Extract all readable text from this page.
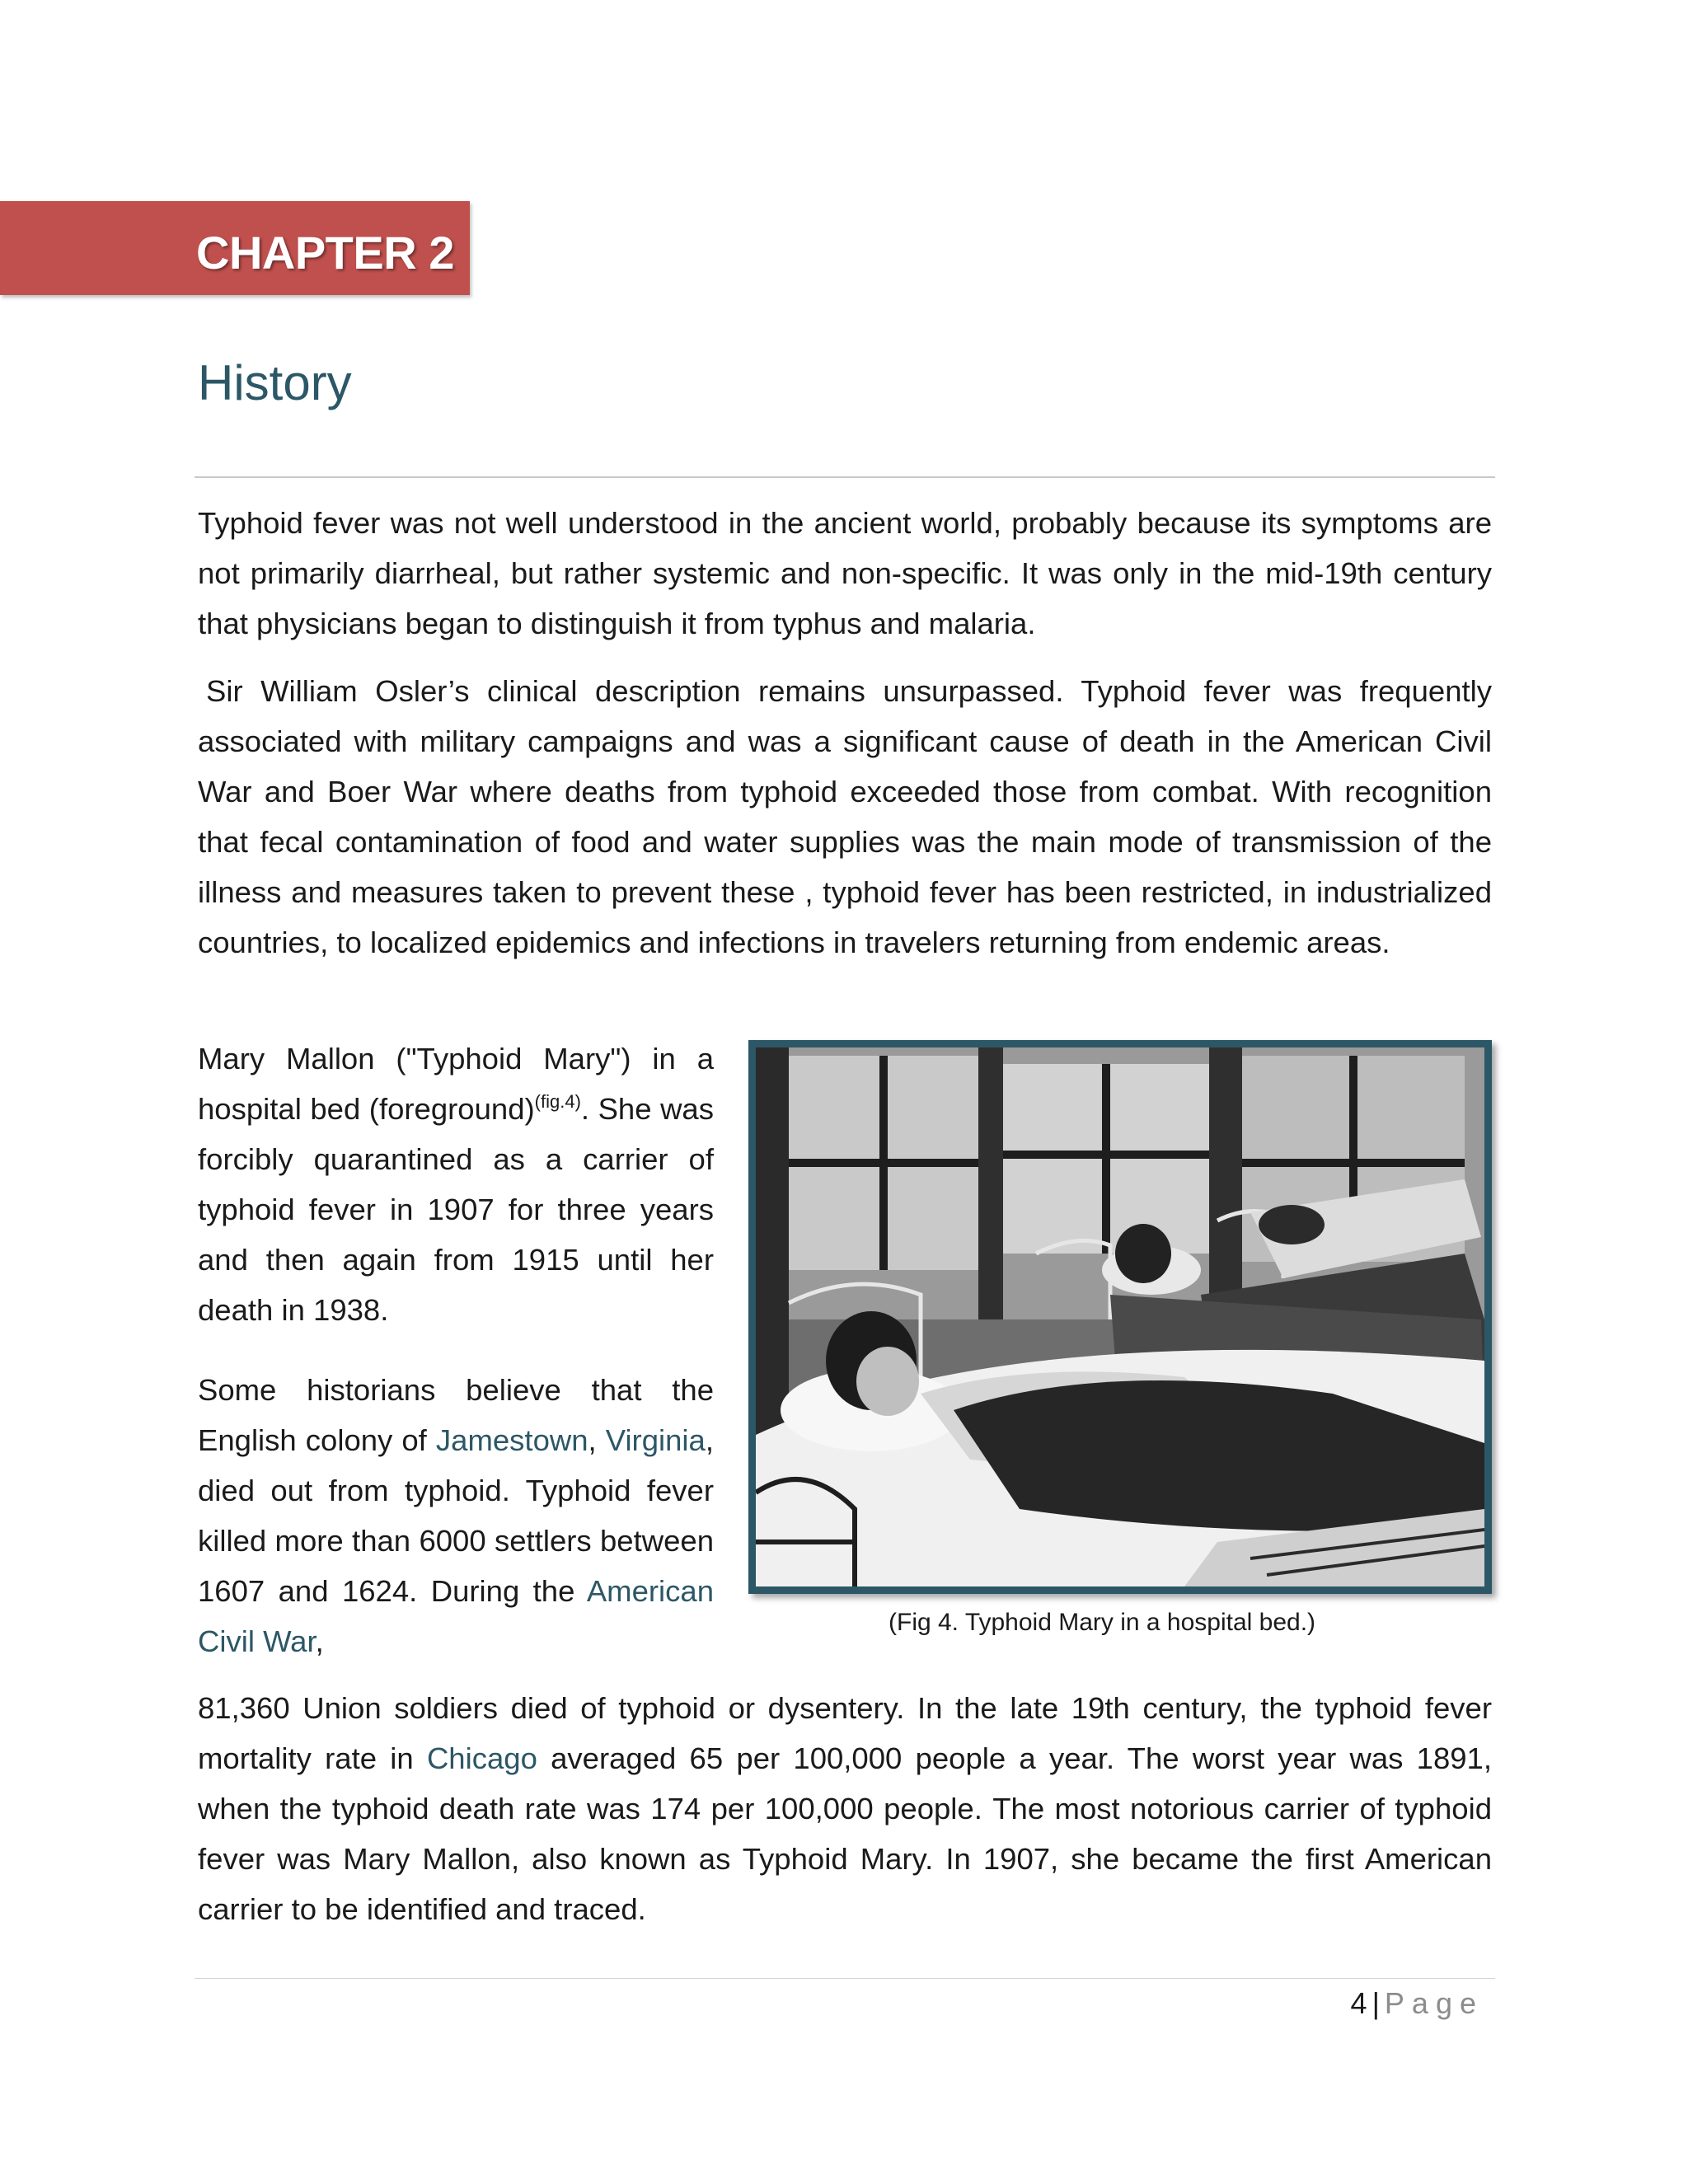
CHAPTER 2
History

Typhoid fever was not well understood in the ancient world, probably because its symptoms are not primarily diarrheal, but rather systemic and non-specific. It was only in the mid-19th century that physicians began to distinguish it from typhus and malaria.

Sir William Osler’s clinical description remains unsurpassed. Typhoid fever was frequently associated with military campaigns and was a significant cause of death in the American Civil War and Boer War where deaths from typhoid exceeded those from combat. With recognition that fecal contamination of food and water supplies was the main mode of transmission of the illness and measures taken to prevent these , typhoid fever has been restricted, in industrialized countries, to localized epidemics and infections in travelers returning from endemic areas.

Mary Mallon ("Typhoid Mary") in a hospital bed (foreground)$^{(fig.4)}$. She was forcibly quarantined as a carrier of typhoid fever in 1907 for three years and then again from 1915 until her death in 1938.

Some historians believe that the English colony of Jamestown, Virginia, died out from typhoid. Typhoid fever killed more than 6000 settlers between 1607 and 1624. During the American Civil War,

(Fig 4. Typhoid Mary in a hospital bed.)

81,360 Union soldiers died of typhoid or dysentery. In the late 19th century, the typhoid fever mortality rate in Chicago averaged 65 per 100,000 people a year. The worst year was 1891, when the typhoid death rate was 174 per 100,000 people. The most notorious carrier of typhoid fever was Mary Mallon, also known as Typhoid Mary. In 1907, she became the first American carrier to be identified and traced.

4 | Page
